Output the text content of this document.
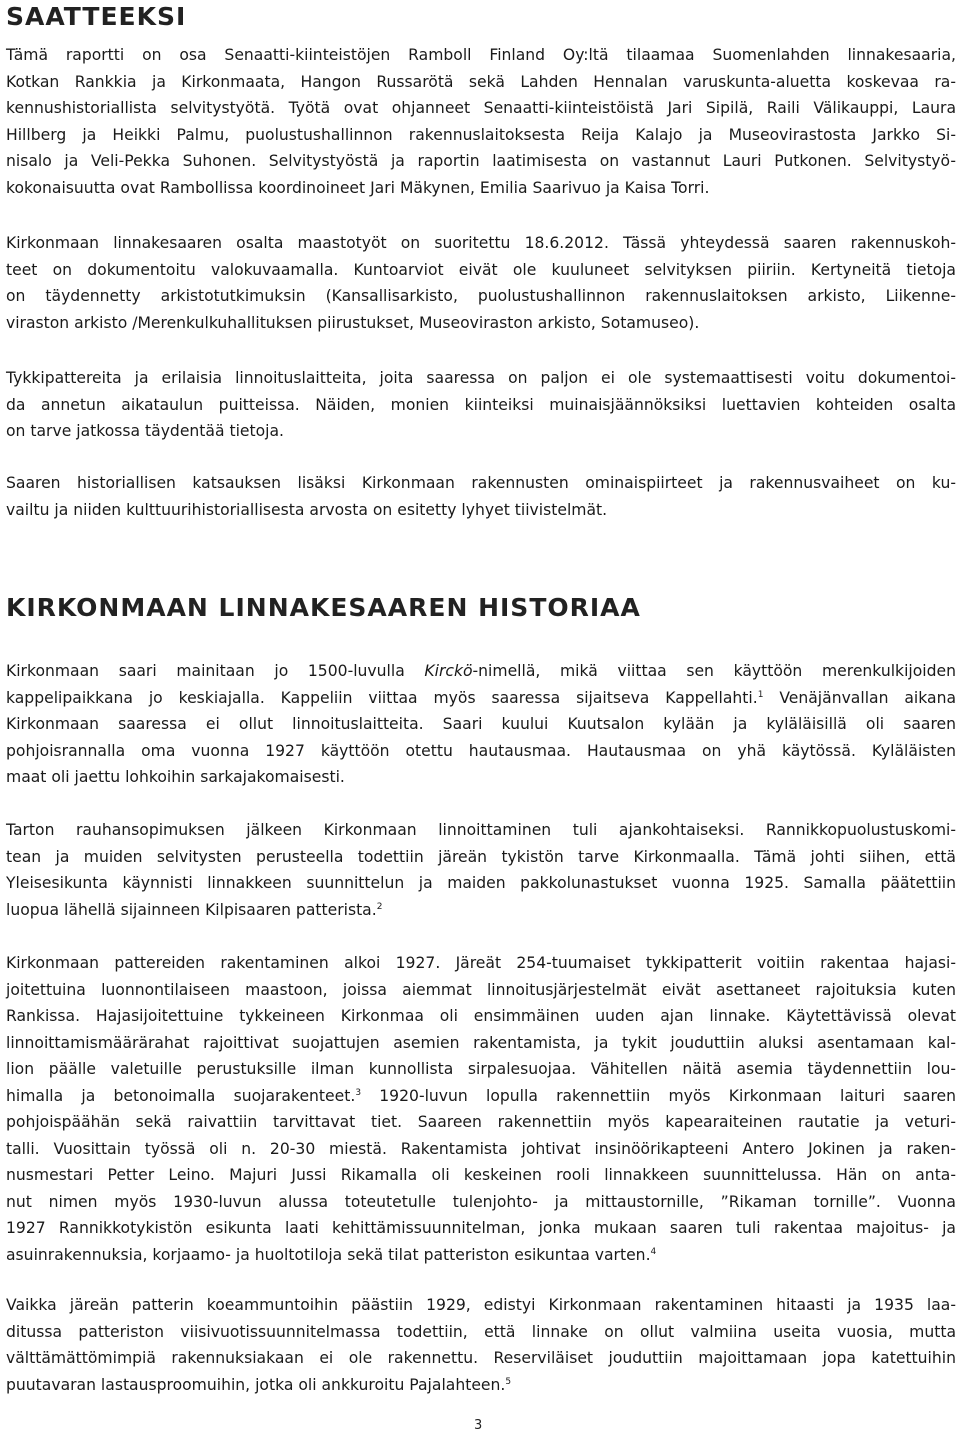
SAATTEEKSI
Tämä raportti on osa Senaatti-kiinteistöjen Ramboll Finland Oy:ltä tilaamaa Suomenlahden linnakesaaria,
Kotkan Rankkia ja Kirkonmaata, Hangon Russarötä sekä Lahden Hennalan varuskunta-aluetta koskevaa ra-
kennushistoriallista selvitystyötä. Työtä ovat ohjanneet Senaatti-kiinteistöistä Jari Sipilä, Raili Välikauppi, Laura
Hillberg ja Heikki Palmu, puolustushallinnon rakennuslaitoksesta Reija Kalajo ja Museovirastosta Jarkko Si-
nisalo ja Veli-Pekka Suhonen. Selvitystyöstä ja raportin laatimisesta on vastannut Lauri Putkonen. Selvitystyö-
kokonaisuutta ovat Rambollissa koordinoineet Jari Mäkynen, Emilia Saarivuo ja Kaisa Torri.
Kirkonmaan linnakesaaren osalta maastotyöt on suoritettu 18.6.2012. Tässä yhteydessä saaren rakennuskoh-
teet on dokumentoitu valokuvaamalla. Kuntoarviot eivät ole kuuluneet selvityksen piiriin. Kertyneitä tietoja
on täydennetty arkistotutkimuksin (Kansallisarkisto, puolustushallinnon rakennuslaitoksen arkisto, Liikenne-
viraston arkisto /Merenkulkuhallituksen piirustukset, Museoviraston arkisto, Sotamuseo).
Tykkipattereita ja erilaisia linnoituslaitteita, joita saaressa on paljon ei ole systemaattisesti voitu dokumentoi-
da annetun aikataulun puitteissa. Näiden, monien kiinteiksi muinaisjäännöksiksi luettavien kohteiden osalta
on tarve jatkossa täydentää tietoja.
Saaren historiallisen katsauksen lisäksi Kirkonmaan rakennusten ominaispiirteet ja rakennusvaiheet on ku-
vailtu ja niiden kulttuurihistoriallisesta arvosta on esitetty lyhyet tiivistelmät.
KIRKONMAAN LINNAKESAAREN HISTORIAA
Kirkonmaan saari mainitaan jo 1500-luvulla Kirckö-nimellä, mikä viittaa sen käyttöön merenkulkijoiden
kappelipaikkana jo keskiajalla. Kappeliin viittaa myös saaressa sijaitseva Kappellahti.$^1$ Venäjänvallan aikana
Kirkonmaan saaressa ei ollut linnoituslaitteita. Saari kuului Kuutsalon kylään ja kyläläisillä oli saaren
pohjoisrannalla oma vuonna 1927 käyttöön otettu hautausmaa. Hautausmaa on yhä käytössä. Kyläläisten
maat oli jaettu lohkoihin sarkajakomaisesti.
Tarton rauhansopimuksen jälkeen Kirkonmaan linnoittaminen tuli ajankohtaiseksi. Rannikkopuolustuskomi-
tean ja muiden selvitysten perusteella todettiin järeän tykistön tarve Kirkonmaalla. Tämä johti siihen, että
Yleisesikunta käynnisti linnakkeen suunnittelun ja maiden pakkolunastukset vuonna 1925. Samalla päätettiin
luopua lähellä sijainneen Kilpisaaren patterista.$^2$
Kirkonmaan pattereiden rakentaminen alkoi 1927. Järeät 254-tuumaiset tykkipatterit voitiin rakentaa hajasi-
joitettuina luonnontilaiseen maastoon, joissa aiemmat linnoitusjärjestelmät eivät asettaneet rajoituksia kuten
Rankissa. Hajasijoitettuine tykkeineen Kirkonmaa oli ensimmäinen uuden ajan linnake. Käytettävissä olevat
linnoittamismäärärahat rajoittivat suojattujen asemien rakentamista, ja tykit jouduttiin aluksi asentamaan kal-
lion päälle valetuille perustuksille ilman kunnollista sirpalesuojaa. Vähitellen näitä asemia täydennettiin lou-
himalla ja betonoimalla suojarakenteet.$^3$ 1920-luvun lopulla rakennettiin myös Kirkonmaan laituri saaren
pohjoispäähän sekä raivattiin tarvittavat tiet. Saareen rakennettiin myös kapearaiteinen rautatie ja veturi-
talli. Vuosittain työssä oli n. 20-30 miestä. Rakentamista johtivat insinöörikapteeni Antero Jokinen ja raken-
nusmestari Petter Leino. Majuri Jussi Rikamalla oli keskeinen rooli linnakkeen suunnittelussa. Hän on anta-
nut nimen myös 1930-luvun alussa toteutetulle tulenjohto- ja mittaustornille, ”Rikaman tornille”. Vuonna
1927 Rannikkotykistön esikunta laati kehittämissuunnitelman, jonka mukaan saaren tuli rakentaa majoitus- ja
asuinrakennuksia, korjaamo- ja huoltotiloja sekä tilat patteriston esikuntaa varten.$^4$
Vaikka järeän patterin koeammuntoihin päästiin 1929, edistyi Kirkonmaan rakentaminen hitaasti ja 1935 laa-
ditussa patteriston viisivuotissuunnitelmassa todettiin, että linnake on ollut valmiina useita vuosia, mutta
välttämättömimpiä rakennuksiakaan ei ole rakennettu. Reserviläiset jouduttiin majoittamaan jopa katettuihin
puutavaran lastausproomuihin, jotka oli ankkuroitu Pajalahteen.$^5$
3
